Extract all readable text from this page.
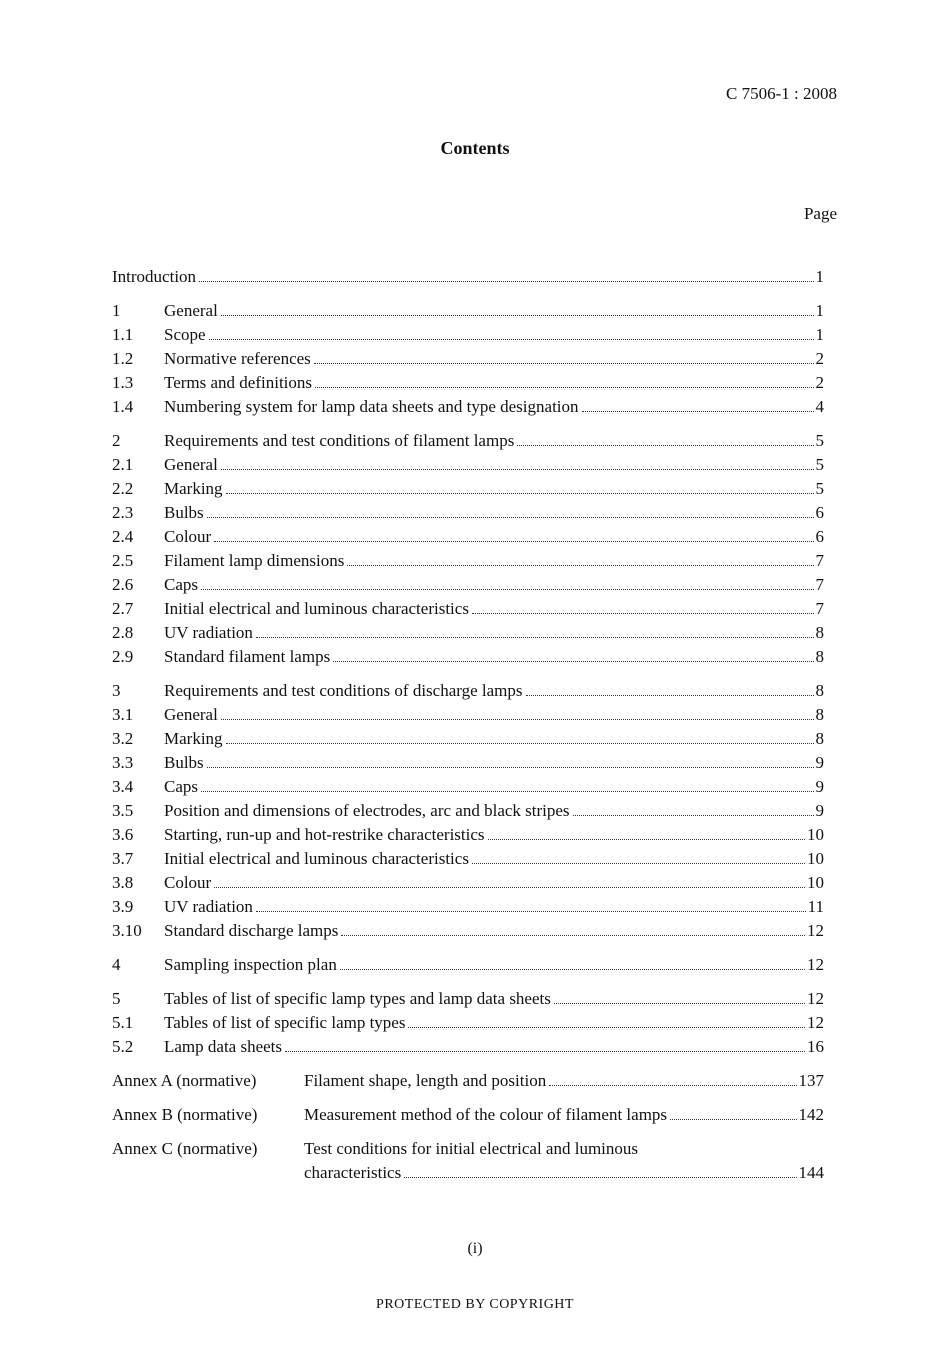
C 7506-1 : 2008
Contents
Page
Introduction	1
1	General	1
1.1	Scope	1
1.2	Normative references	2
1.3	Terms and definitions	2
1.4	Numbering system for lamp data sheets and type designation	4
2	Requirements and test conditions of filament lamps	5
2.1	General	5
2.2	Marking	5
2.3	Bulbs	6
2.4	Colour	6
2.5	Filament lamp dimensions	7
2.6	Caps	7
2.7	Initial electrical and luminous characteristics	7
2.8	UV radiation	8
2.9	Standard filament lamps	8
3	Requirements and test conditions of discharge lamps	8
3.1	General	8
3.2	Marking	8
3.3	Bulbs	9
3.4	Caps	9
3.5	Position and dimensions of electrodes, arc and black stripes	9
3.6	Starting, run-up and hot-restrike characteristics	10
3.7	Initial electrical and luminous characteristics	10
3.8	Colour	10
3.9	UV radiation	11
3.10	Standard discharge lamps	12
4	Sampling inspection plan	12
5	Tables of list of specific lamp types and lamp data sheets	12
5.1	Tables of list of specific lamp types	12
5.2	Lamp data sheets	16
Annex A (normative)	Filament shape, length and position	137
Annex B (normative)	Measurement method of the colour of filament lamps	142
Annex C (normative)	Test conditions for initial electrical and luminous
characteristics	144
(i)
PROTECTED BY COPYRIGHT
